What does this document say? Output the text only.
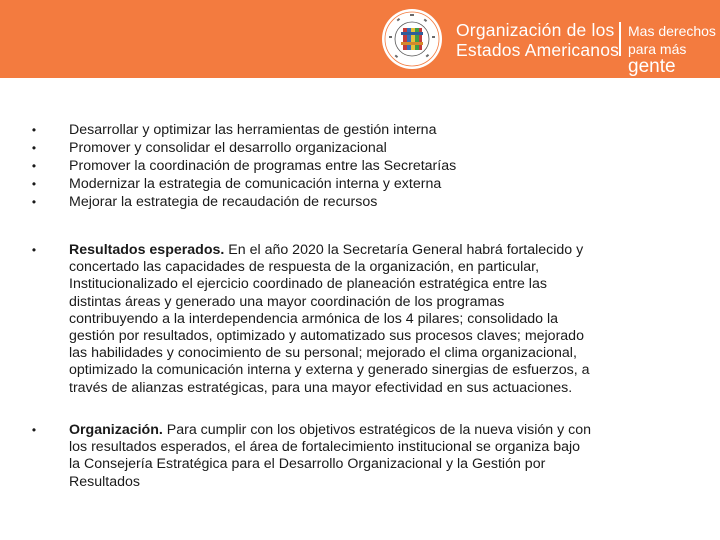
Organización de los
Estados Americanos
Mas derechos
para más gente
• Desarrollar y optimizar las herramientas de gestión interna
• Promover y consolidar el desarrollo organizacional
• Promover la coordinación de programas entre las Secretarías
• Modernizar la estrategia de comunicación interna y externa
• Mejorar la estrategia de recaudación de recursos
• Resultados esperados. En el año 2020 la Secretaría General habrá fortalecido y
concertado las capacidades de respuesta de la organización, en particular,
Institucionalizado el ejercicio coordinado de planeación estratégica entre las
distintas áreas y generado una mayor coordinación de los programas
contribuyendo a la interdependencia armónica de los 4 pilares; consolidado la
gestión por resultados, optimizado y automatizado sus procesos claves; mejorado
las habilidades y conocimiento de su personal; mejorado el clima organizacional,
optimizado la comunicación interna y externa y generado sinergias de esfuerzos, a
través de alianzas estratégicas, para una mayor efectividad en sus actuaciones.
• Organización. Para cumplir con los objetivos estratégicos de la nueva visión y con
los resultados esperados, el área de fortalecimiento institucional se organiza bajo
la Consejería Estratégica para el Desarrollo Organizacional y la Gestión por
Resultados
